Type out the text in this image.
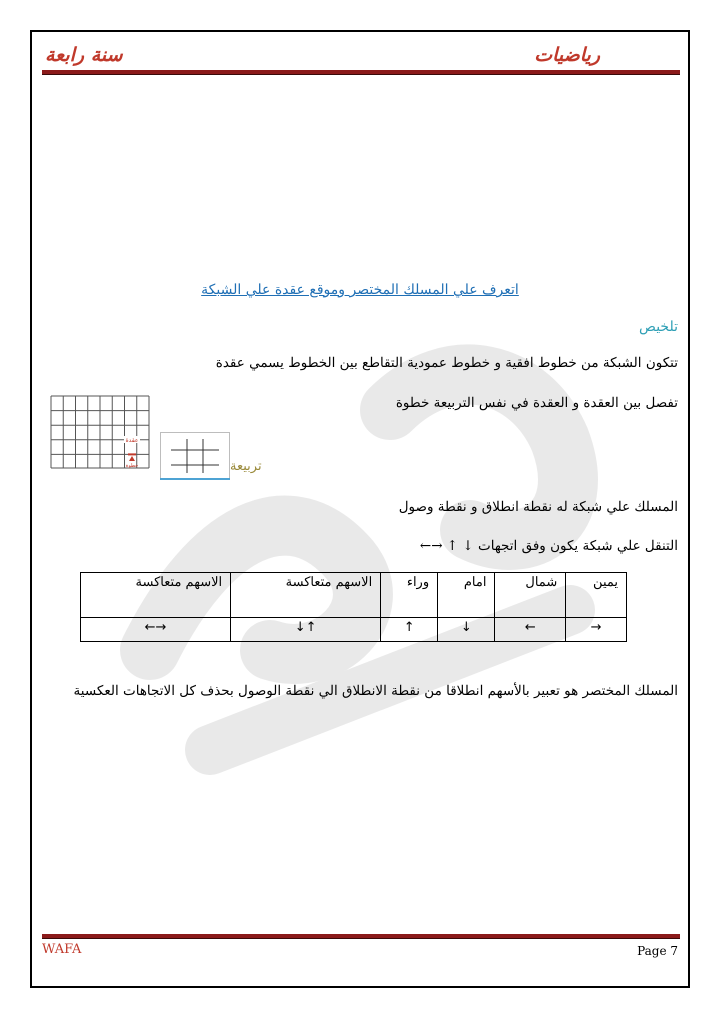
سنة رابعة	رياضيات
اتعرف علي المسلك المختصر وموقع عقدة علي الشبكة
تلخيص
تتكون الشبكة من خطوط افقية و خطوط عمودية التقاطع بين الخطوط يسمي عقدة
تفصل بين العقدة و العقدة في نفس التربيعة خطوة
عقدة
خطوة	تربيعة
المسلك علي شبكة له نقطة انطلاق و نقطة وصول
التنقل علي شبكة يكون وفق اتجهات ↓ ↑ →←
يمين	شمال	امام	وراء	الاسهم متعاكسة	الاسهم متعاكسة
→	←	↓	↑	↑↓	→←
المسلك المختصر هو تعبير بالأسهم انطلاقا من نقطة الانطلاق الي نقطة الوصول بحذف كل الاتجاهات العكسية
WAFA	Page 7
